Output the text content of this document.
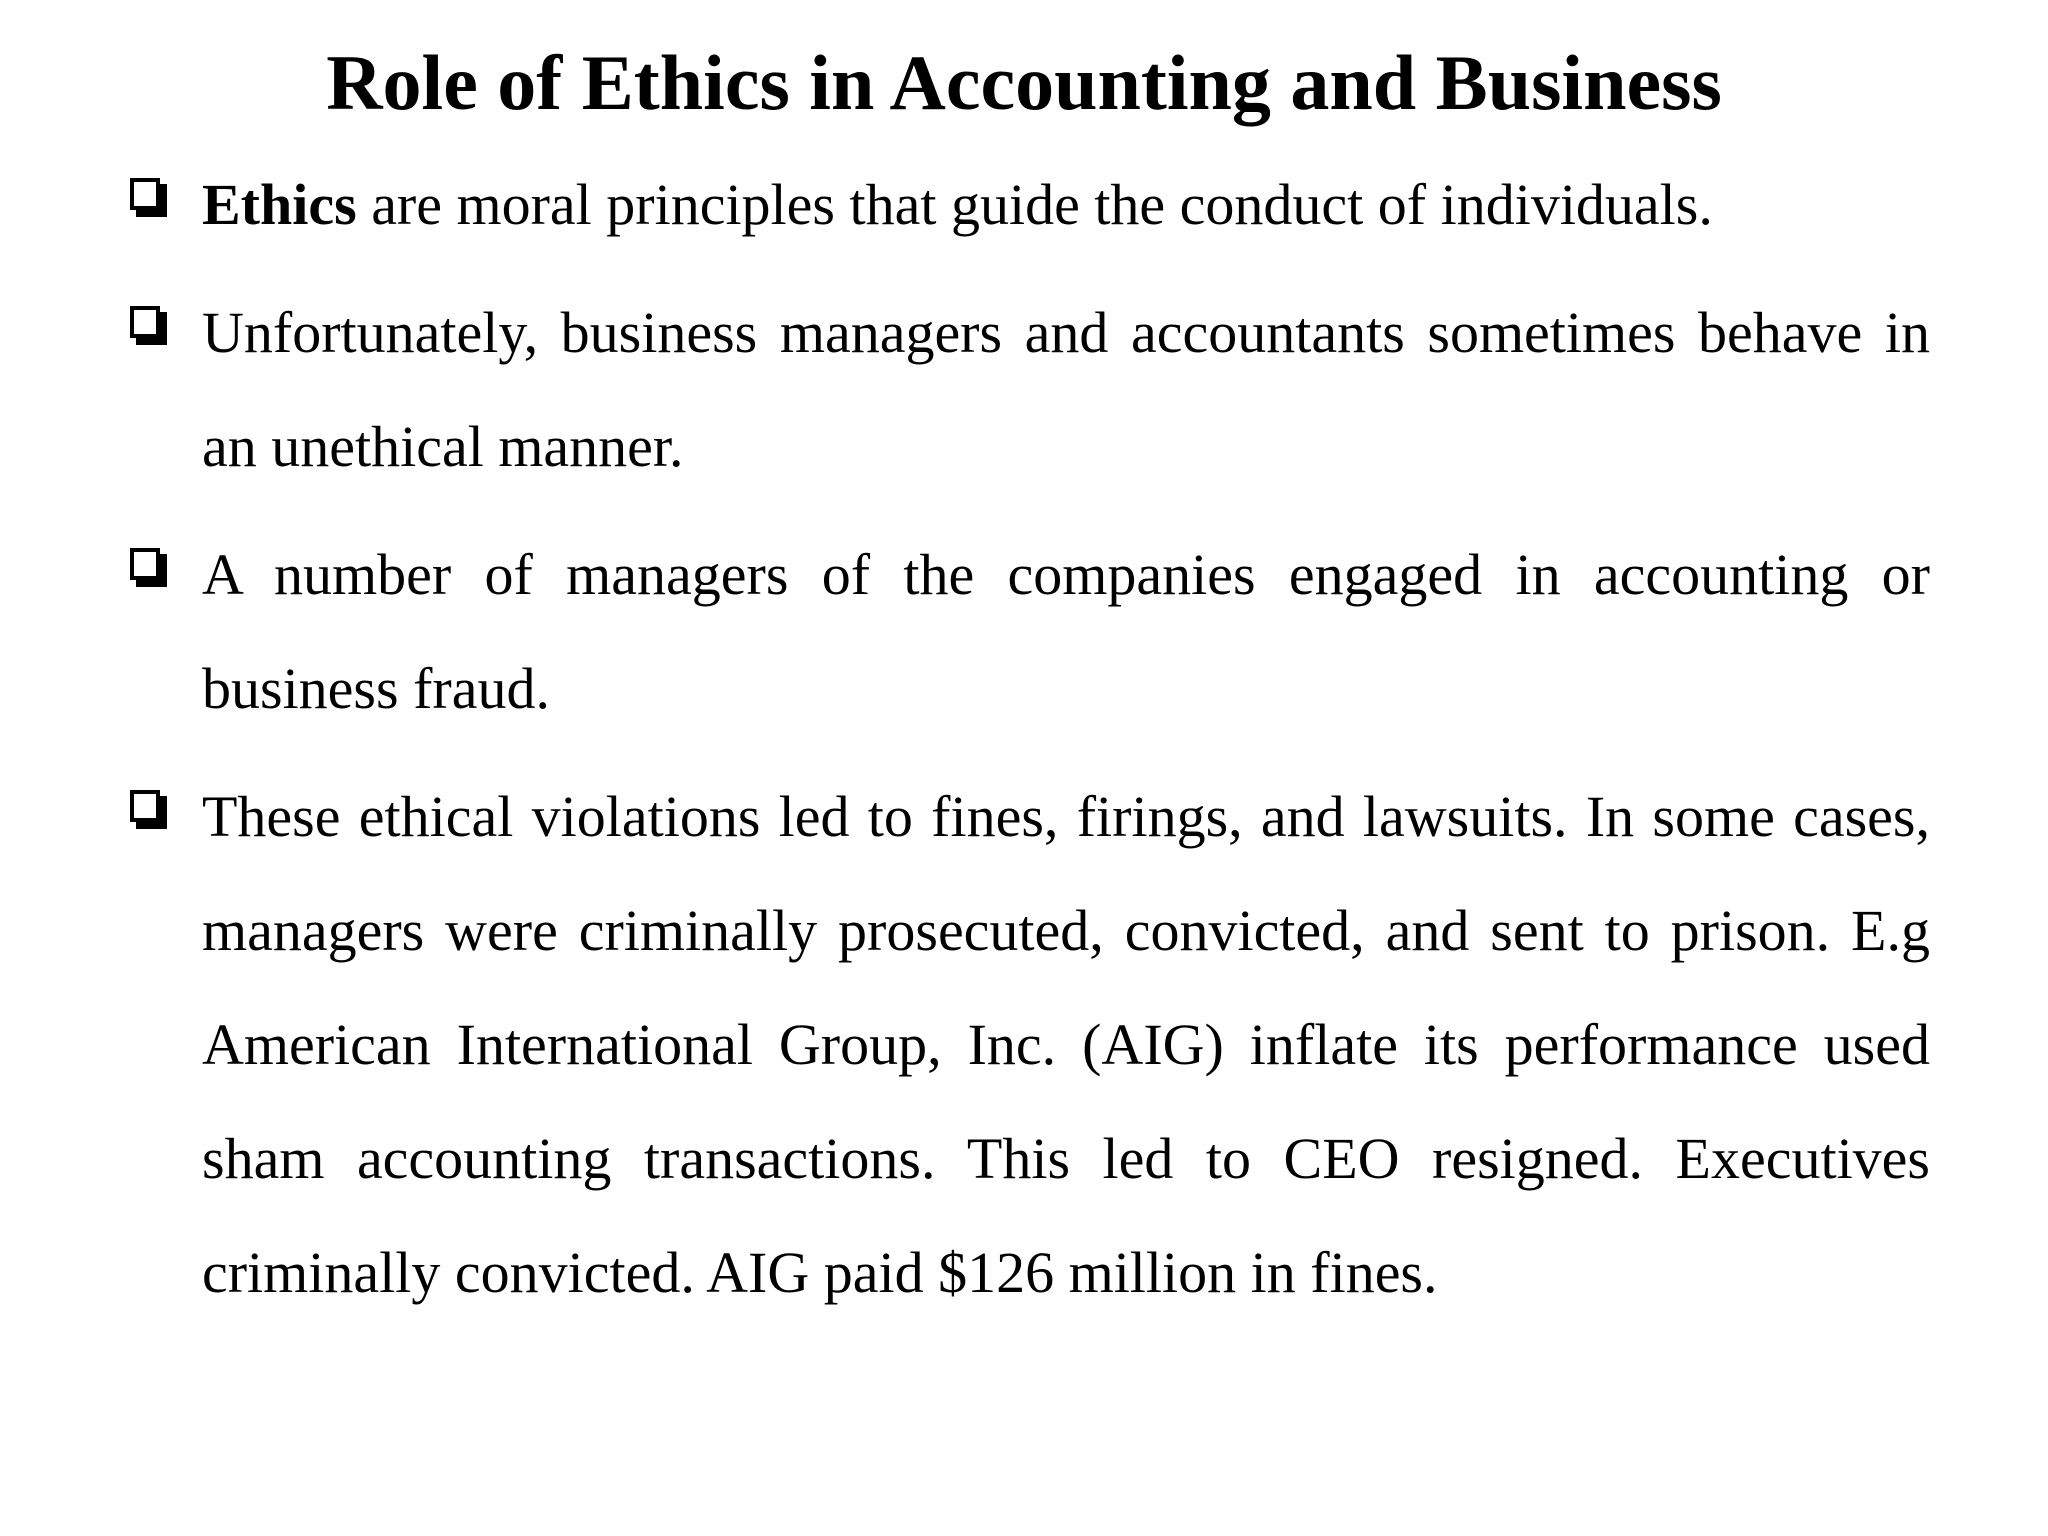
Role of Ethics in Accounting and Business
Ethics are moral principles that guide the conduct of individuals.
Unfortunately, business managers and accountants sometimes behave in an unethical manner.
A number of managers of the companies engaged in accounting or business fraud.
These ethical violations led to fines, firings, and lawsuits. In some cases, managers were criminally prosecuted, convicted, and sent to prison. E.g American International Group, Inc. (AIG) inflate its performance used sham accounting transactions. This led to CEO resigned. Executives criminally convicted. AIG paid $126 million in fines.
